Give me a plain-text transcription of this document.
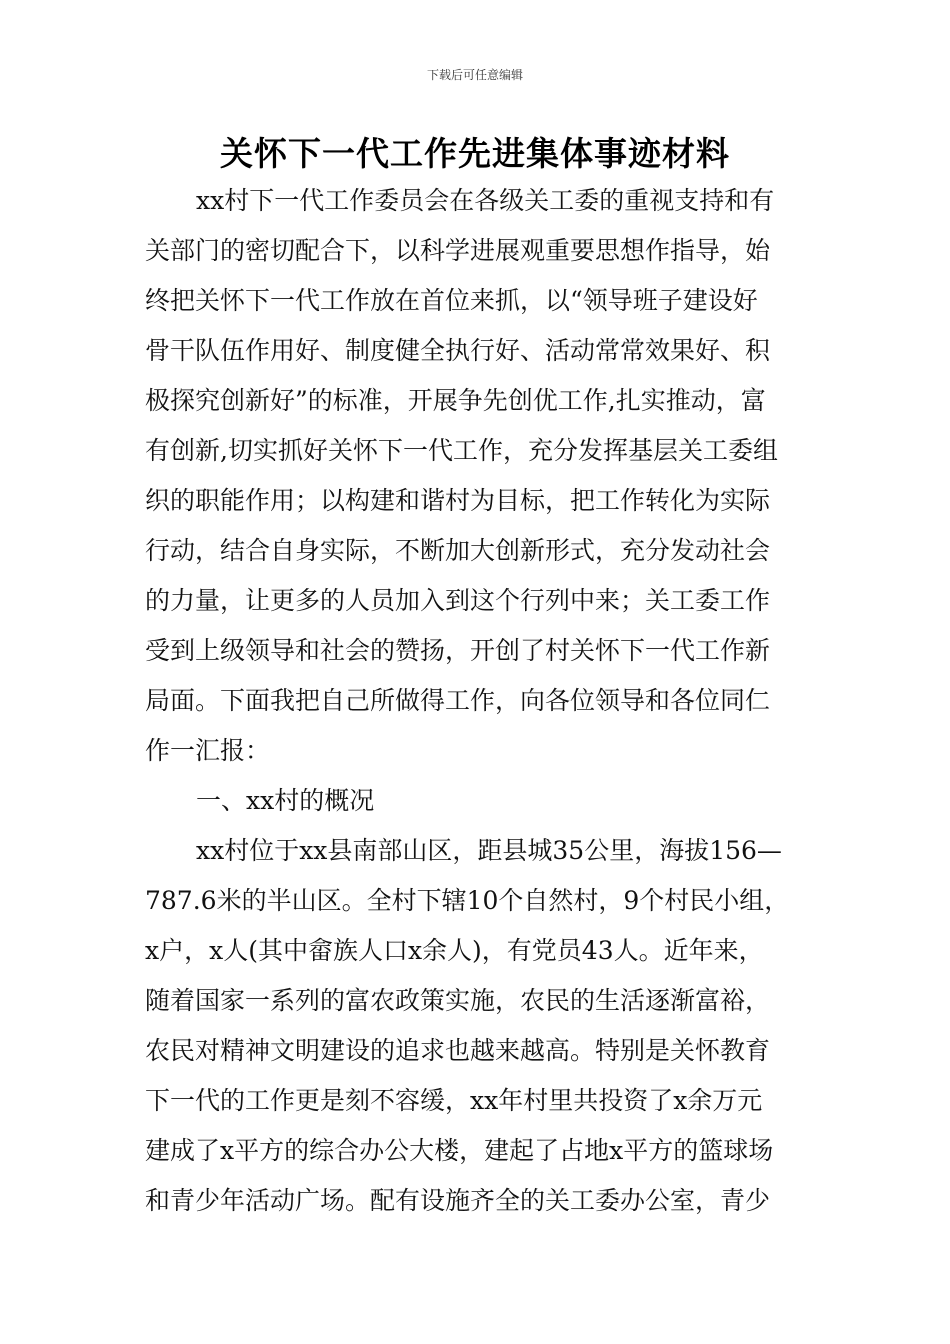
下载后可任意编辑
关怀下一代工作先进集体事迹材料
xx村下一代工作委员会在各级关工委的重视支持和有
关部门的密切配合下，以科学进展观重要思想作指导，始
终把关怀下一代工作放在首位来抓，以“领导班子建设好
骨干队伍作用好、制度健全执行好、活动常常效果好、积
极探究创新好”的标准，开展争先创优工作,扎实推动，富
有创新,切实抓好关怀下一代工作，充分发挥基层关工委组
织的职能作用；以构建和谐村为目标，把工作转化为实际
行动，结合自身实际，不断加大创新形式，充分发动社会
的力量，让更多的人员加入到这个行列中来；关工委工作
受到上级领导和社会的赞扬，开创了村关怀下一代工作新
局面。下面我把自己所做得工作，向各位领导和各位同仁
作一汇报：
一、xx村的概况
xx村位于xx县南部山区，距县城35公里，海拔156—
787.6米的半山区。全村下辖10个自然村，9个村民小组，
x户，x人(其中畲族人口x余人)，有党员43人。近年来，
随着国家一系列的富农政策实施，农民的生活逐渐富裕，
农民对精神文明建设的追求也越来越高。特别是关怀教育
下一代的工作更是刻不容缓，xx年村里共投资了x余万元
建成了x平方的综合办公大楼，建起了占地x平方的篮球场
和青少年活动广场。配有设施齐全的关工委办公室，青少
